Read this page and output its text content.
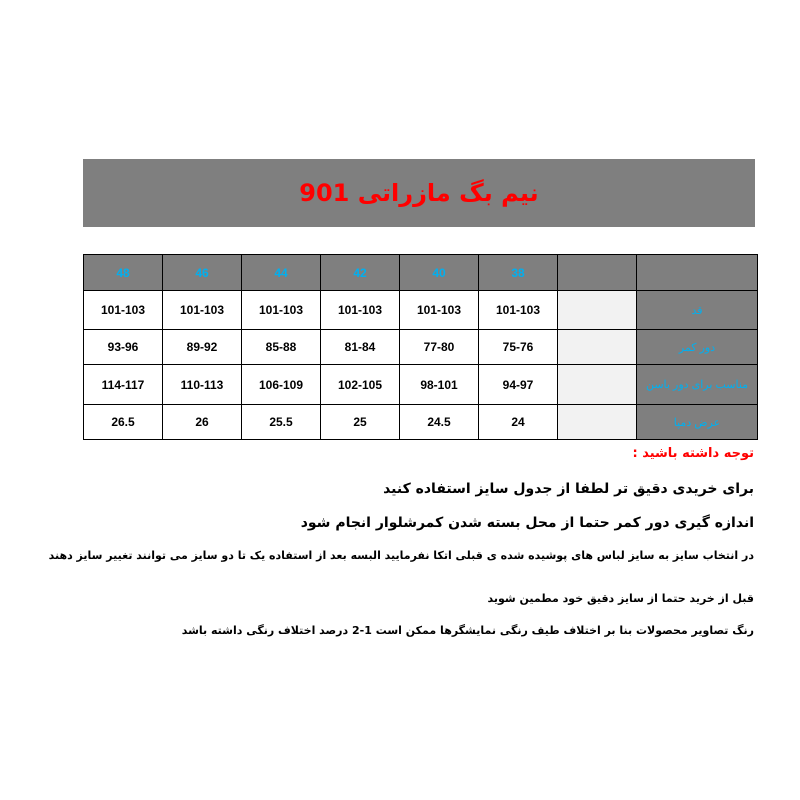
نیم بگ مازراتی 901
48	46	44	42	40	38		
101-103	101-103	101-103	101-103	101-103	101-103		قد
93-96	89-92	85-88	81-84	77-80	75-76		دور کمر
114-117	110-113	106-109	102-105	98-101	94-97		مناسب برای دور باسن
26.5	26	25.5	25	24.5	24		عرض دمپا
توجه داشته باشید :
برای خریدی دقیق تر لطفا از جدول سایز استفاده کنید
اندازه گیری دور کمر حتما از محل بسته شدن کمرشلوار انجام شود
در انتخاب سایز به سایز لباس های پوشیده شده ی قبلی اتکا نفرمایید البسه بعد از استفاده یک تا دو سایز می توانند تغییر سایز دهند
قبل از خرید حتما از سایز دقیق خود مطمین شوید
رنگ تصاویر محصولات بنا بر اختلاف طیف رنگی نمایشگرها ممکن است 1-2 درصد اختلاف رنگی داشته باشد
